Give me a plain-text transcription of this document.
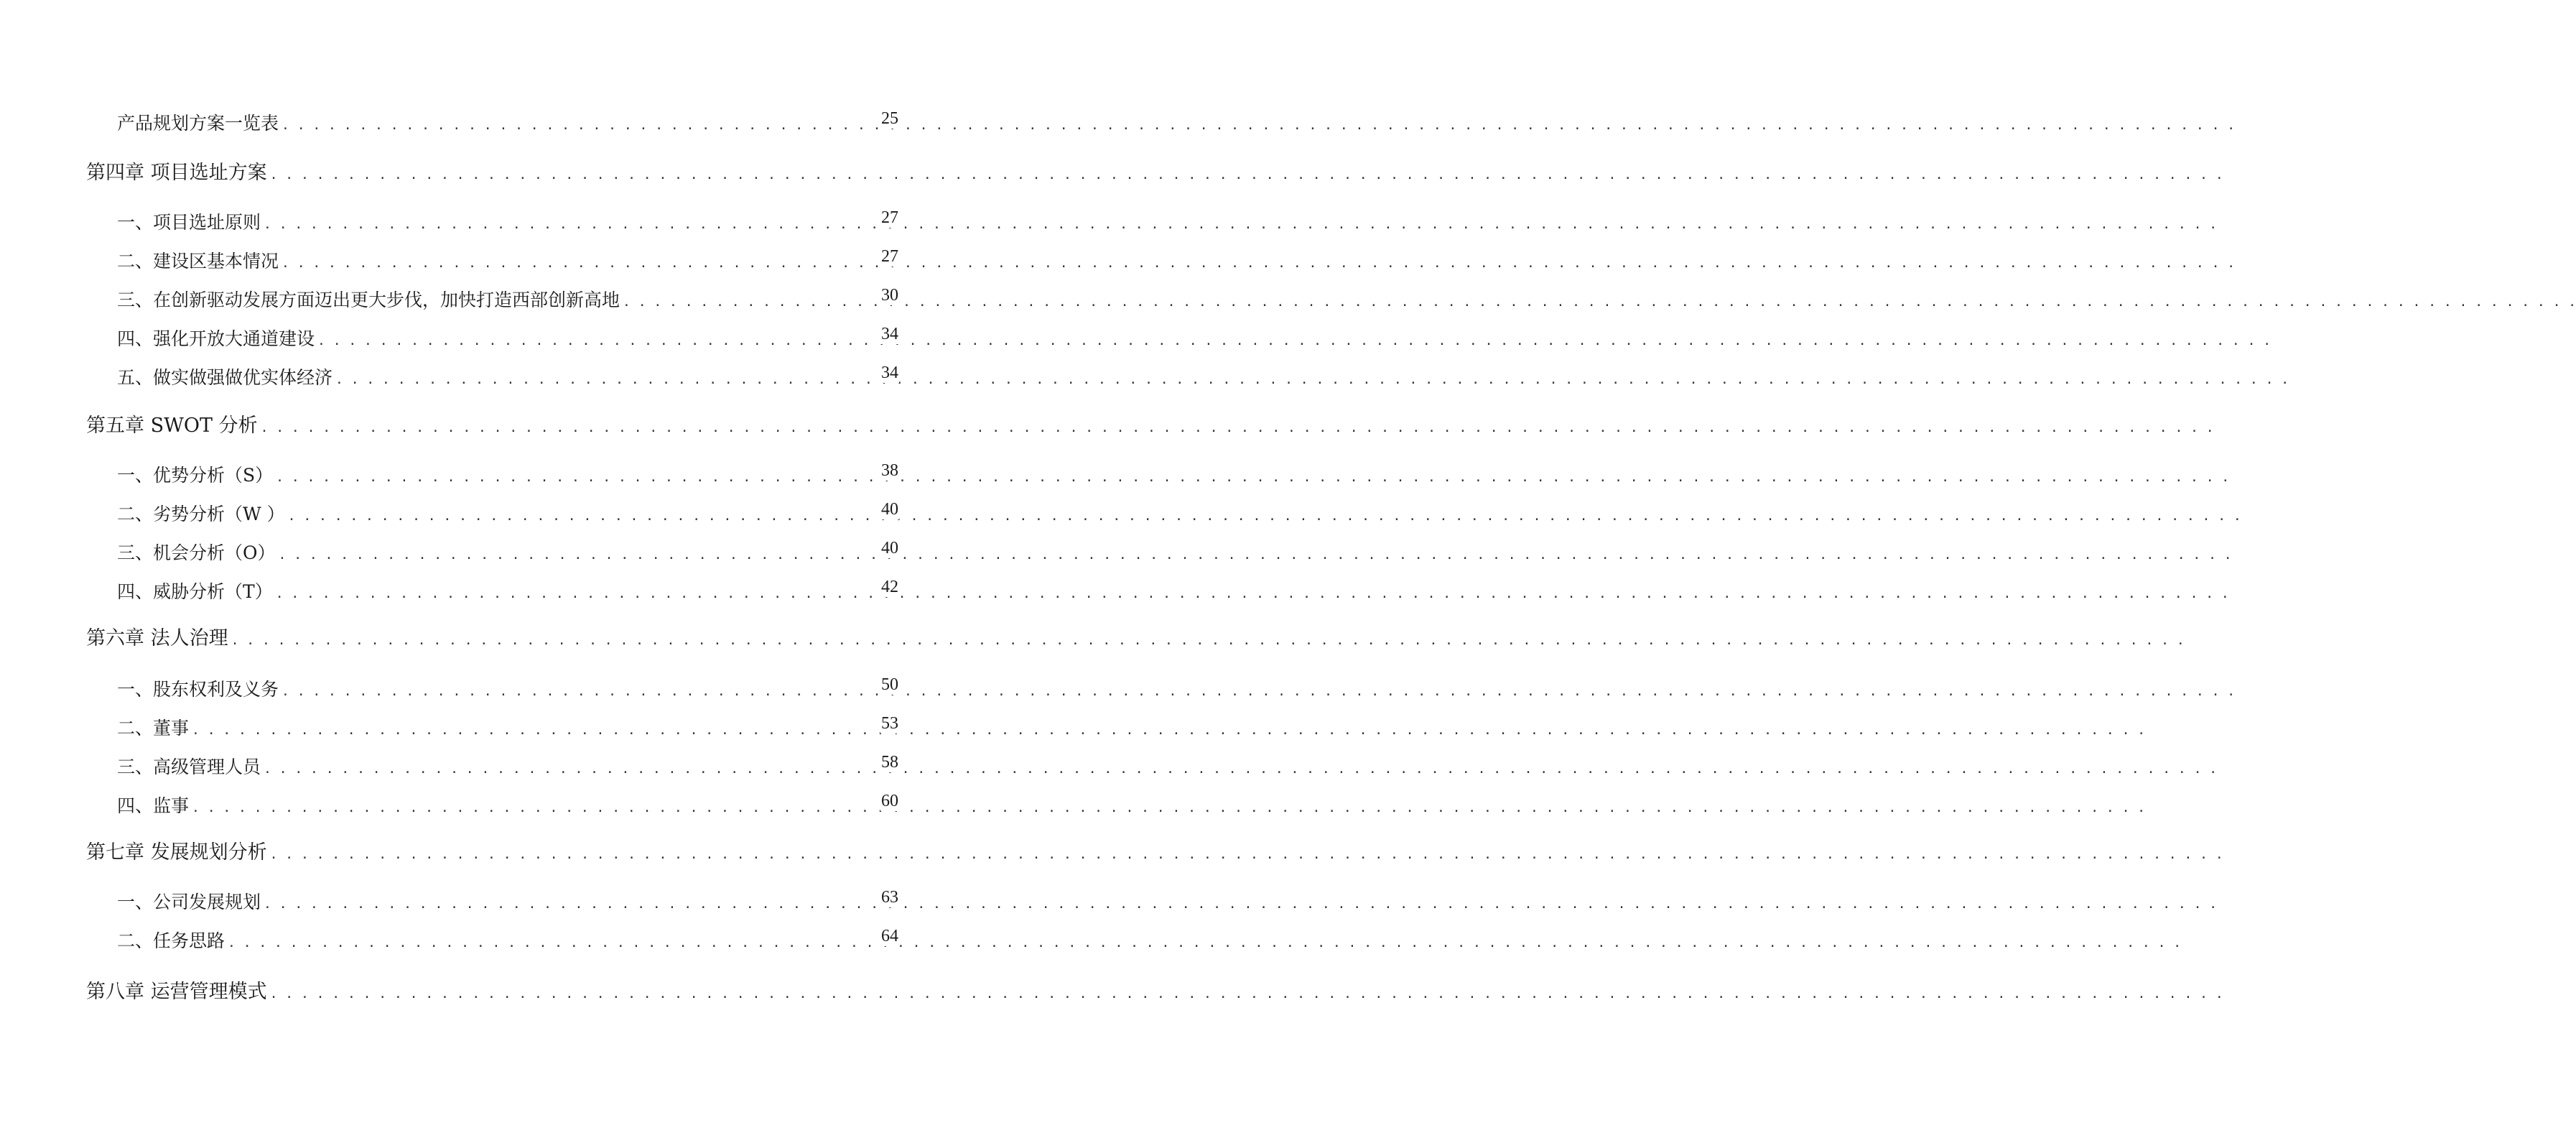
产品规划方案一览表 . . .	25
第四章 项目选址方案
. . .
一、 项目选址原则 . . .	27
二、 建设区基本情况 . . .	27
三、 在创新驱动发展方面迈出更大步伐，加快打造西部创新高地 . . .	30
四、 强化开放大通道建设 . . .	34
五、 做实做强做优实体经济 . . .	34
第五章 SWOT 分析
. . .
一、 优势分析（S） . . .	38
二、 劣势分析（W ） . . .	40
三、 机会分析（O） . . .	40
四、 威胁分析（T） . . .	42
第六章 法人治理
. . .
一、 股东权利及义务 . . .	50
二、 董事 . . .	53
三、 高级管理人员 . . .	58
四、 监事 . . .	60
第七章 发展规划分析
. . .
一、 公司发展规划 . . .	63
二、 任务思路 . . .	64
第八章 运营管理模式
. . .
